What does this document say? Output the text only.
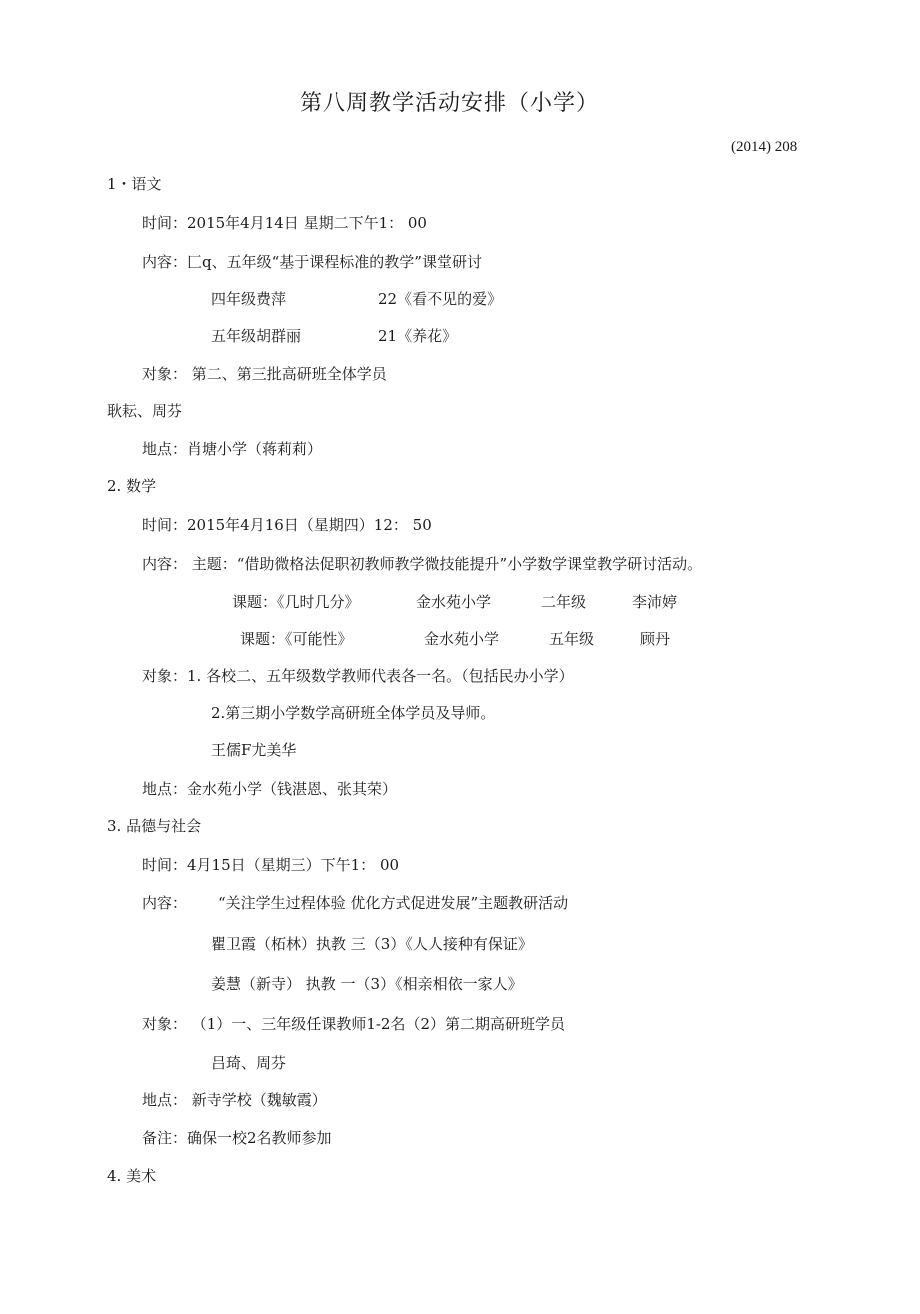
第八周教学活动安排（小学）
(2014) 208
1・语文
时间：2015年4月14日 星期二下午1： 00
内容：匚q、五年级“基于课程标准的教学”课堂研讨
四年级费萍	22《看不见的爱》
五年级胡群丽	21《养花》
对象： 第二、第三批高研班全体学员
耿耘、周芬
地点：肖塘小学（蒋莉莉）
2. 数学
时间：2015年4月16日（星期四）12： 50
内容： 主题：“借助微格法促职初教师教学微技能提升”小学数学课堂教学研讨活动。
课题：《几时几分》	金水苑小学	二年级	李沛婷
课题：《可能性》	金水苑小学	五年级	顾丹
对象：1. 各校二、五年级数学教师代表各一名。（包括民办小学）
2.第三期小学数学高研班全体学员及导师。
王儒F尤美华
地点：金水苑小学（钱湛恩、张其荣）
3. 品德与社会
时间：4月15日（星期三）下午1： 00
内容： “关注学生过程体验 优化方式促进发展”主题教研活动
瞿卫霞（柘林）执教 三（3）《人人接种有保证》
姜慧（新寺） 执教 一（3）《相亲相依一家人》
对象： （1）一、三年级任课教师1-2名（2）第二期高研班学员
吕琦、周芬
地点： 新寺学校（魏敏霞）
备注：确保一校2名教师参加
4. 美术
